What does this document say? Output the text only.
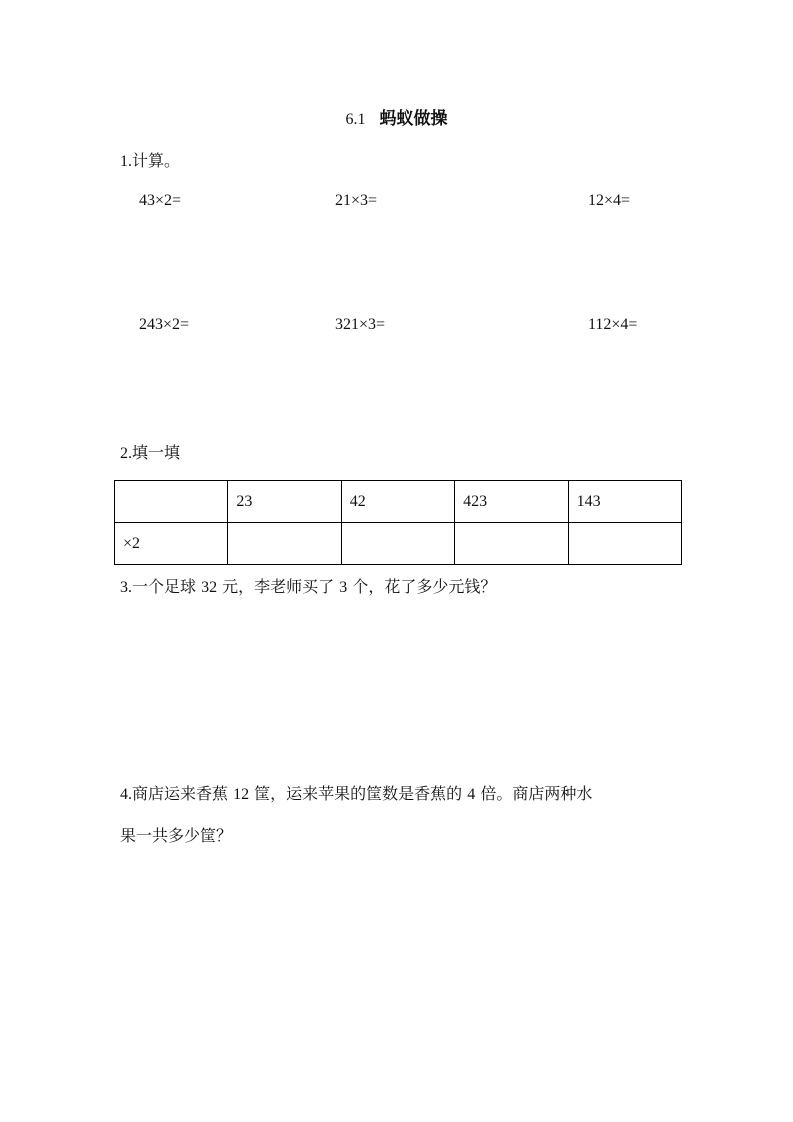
6.1 蚂蚁做操
1.计算。
43×2=	21×3=	12×4=
243×2=	321×3=	112×4=
2.填一填
	23	42	423	143
×2				
3.一个足球 32 元，李老师买了 3 个，花了多少元钱？
4.商店运来香蕉 12 筐，运来苹果的筐数是香蕉的 4 倍。商店两种水
果一共多少筐？
